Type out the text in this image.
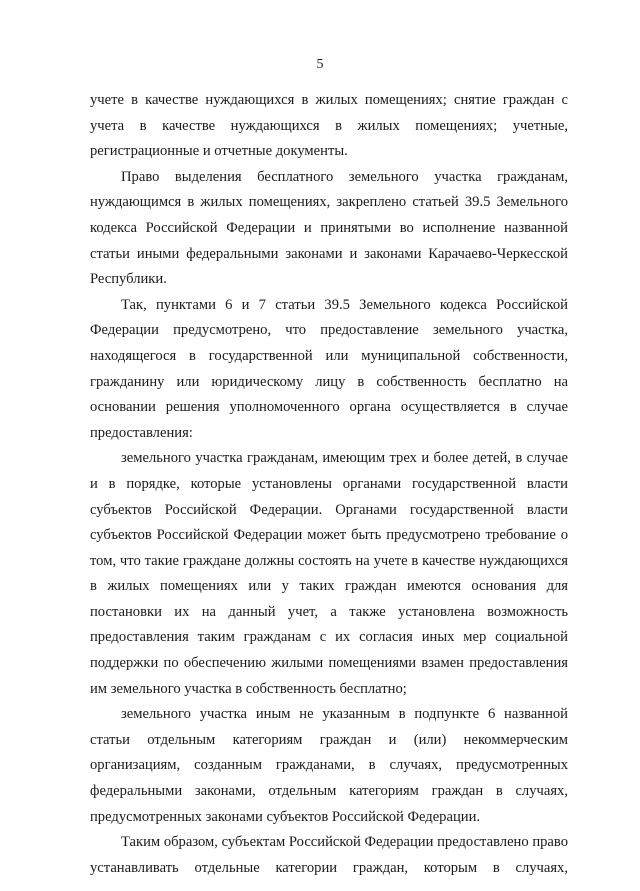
5

учете в качестве нуждающихся в жилых помещениях; снятие граждан с учета в качестве нуждающихся в жилых помещениях; учетные, регистрационные и отчетные документы.

Право выделения бесплатного земельного участка гражданам, нуждающимся в жилых помещениях, закреплено статьей 39.5 Земельного кодекса Российской Федерации и принятыми во исполнение названной статьи иными федеральными законами и законами Карачаево-Черкесской Республики.

Так, пунктами 6 и 7 статьи 39.5 Земельного кодекса Российской Федерации предусмотрено, что предоставление земельного участка, находящегося в государственной или муниципальной собственности, гражданину или юридическому лицу в собственность бесплатно на основании решения уполномоченного органа осуществляется в случае предоставления:

земельного участка гражданам, имеющим трех и более детей, в случае и в порядке, которые установлены органами государственной власти субъектов Российской Федерации. Органами государственной власти субъектов Российской Федерации может быть предусмотрено требование о том, что такие граждане должны состоять на учете в качестве нуждающихся в жилых помещениях или у таких граждан имеются основания для постановки их на данный учет, а также установлена возможность предоставления таким гражданам с их согласия иных мер социальной поддержки по обеспечению жилыми помещениями взамен предоставления им земельного участка в собственность бесплатно;

земельного участка иным не указанным в подпункте 6 названной статьи отдельным категориям граждан и (или) некоммерческим организациям, созданным гражданами, в случаях, предусмотренных федеральными законами, отдельным категориям граждан в случаях, предусмотренных законами субъектов Российской Федерации.

Таким образом, субъектам Российской Федерации предоставлено право устанавливать отдельные категории граждан, которым в случаях,
